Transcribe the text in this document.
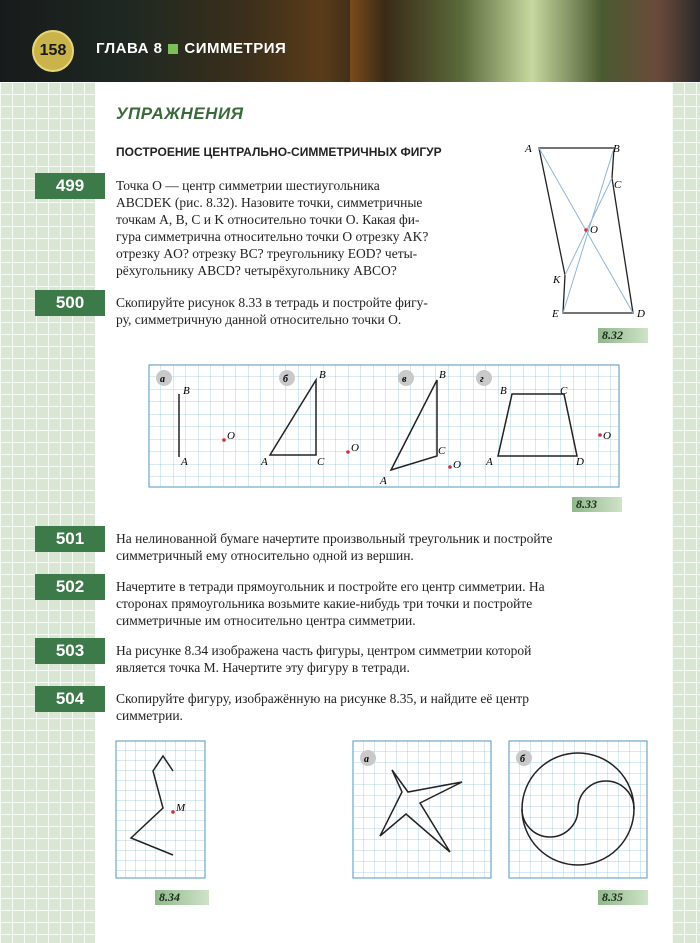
158	ГЛАВА 8 СИММЕТРИЯ
УПРАЖНЕНИЯ
ПОСТРОЕНИЕ ЦЕНТРАЛЬНО-СИММЕТРИЧНЫХ ФИГУР
499	Точка O — центр симметрии шестиугольника
ABCDEK (рис. 8.32). Назовите точки, симметричные
точкам A, B, C и K относительно точки O. Какая фи-
гура симметрична относительно точки O отрезку AK?
отрезку AO? отрезку BC? треугольнику EOD? четы-
рёхугольнику ABCD? четырёхугольнику ABCO?
500	Скопируйте рисунок 8.33 в тетрадь и постройте фигу-
ру, симметричную данной относительно точки O.
501	На нелинованной бумаге начертите произвольный треугольник и постройте
симметричный ему относительно одной из вершин.
502	Начертите в тетради прямоугольник и постройте его центр симметрии. На
сторонах прямоугольника возьмите какие-нибудь три точки и постройте
симметричные им относительно центра симметрии.
503	На рисунке 8.34 изображена часть фигуры, центром симметрии которой
является точка M. Начертите эту фигуру в тетради.
504	Скопируйте фигуру, изображённую на рисунке 8.35, и найдите её центр
симметрии.
A	B
C
O
K
E	D
8.32
а
B
A
O
б	B
A	C
O
в	B
A
C
O
г
B	C
A	D
O
8.33
M
8.34
а	б
8.35
